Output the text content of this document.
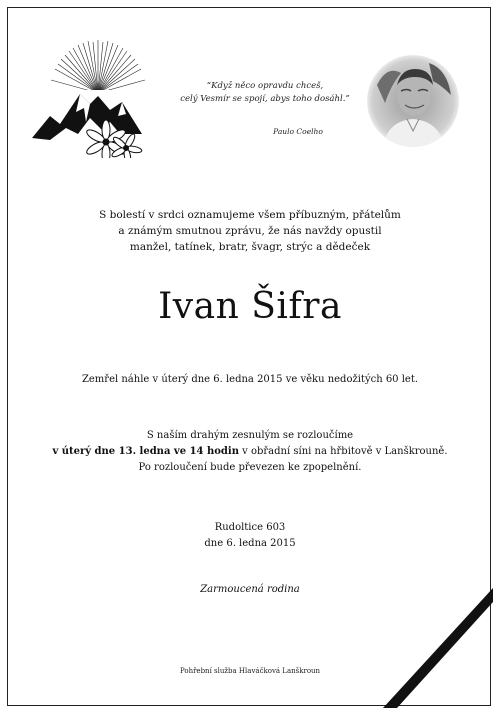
“Když něco opravdu chceš,
celý Vesmír se spojí, abys toho dosáhl.”
Paulo Coelho
S bolestí v srdci oznamujeme všem příbuzným, přátelům
a známým smutnou zprávu, že nás navždy opustil
manžel, tatínek, bratr, švagr, strýc a dědeček
Ivan Šifra
Zemřel náhle v úterý dne 6. ledna 2015 ve věku nedožitých 60 let.
S naším drahým zesnulým se rozloučíme
v úterý dne 13. ledna ve 14 hodin v obřadní síni na hřbitově v Lanškrouně.
Po rozloučení bude převezen ke zpopelnění.
Rudoltice 603
dne 6. ledna 2015
Zarmoucená rodina
Pohřební služba Hlaváčková Lanškroun
